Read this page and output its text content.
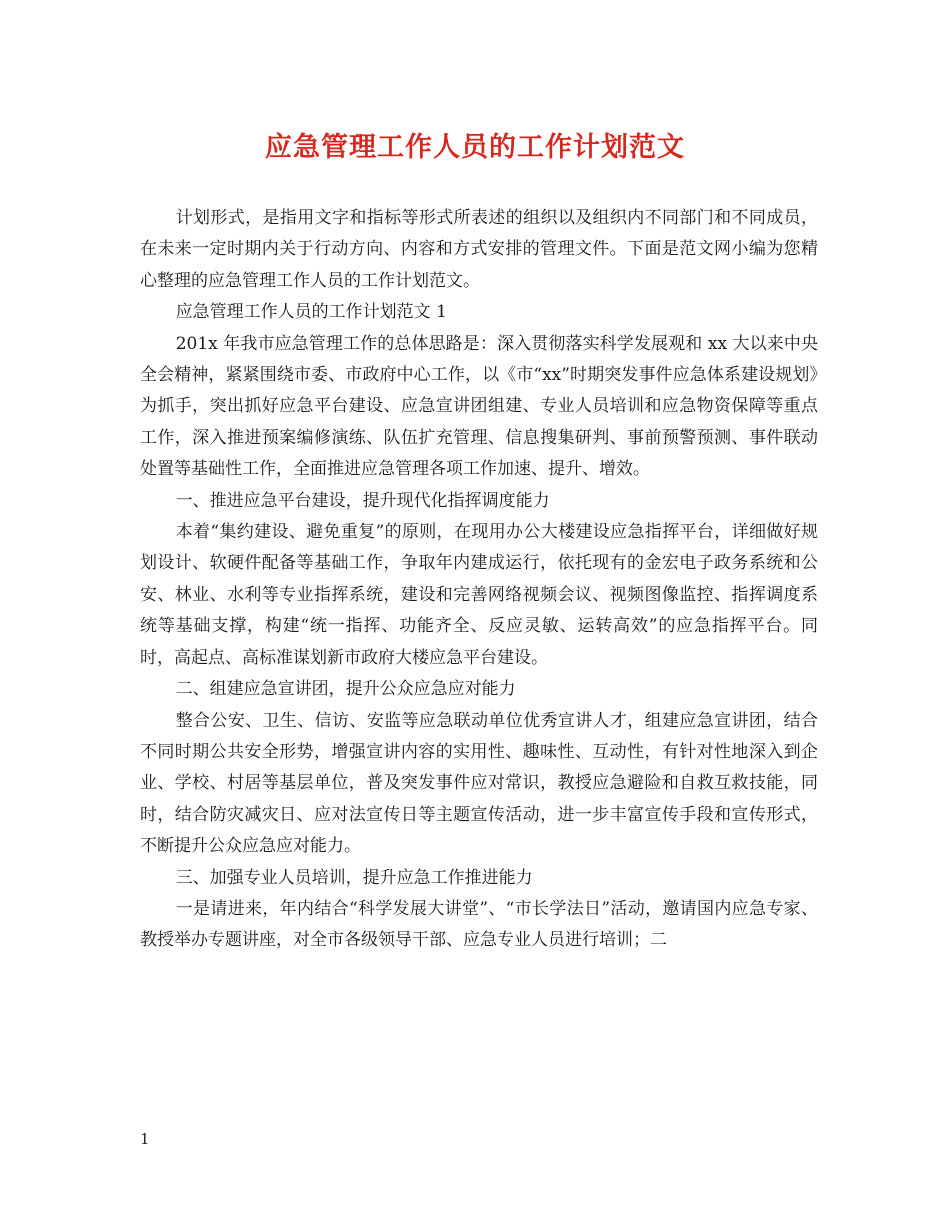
应急管理工作人员的工作计划范文

计划形式，是指用文字和指标等形式所表述的组织以及组织内不同部门和不同成员，在未来一定时期内关于行动方向、内容和方式安排的管理文件。下面是范文网小编为您精心整理的应急管理工作人员的工作计划范文。

应急管理工作人员的工作计划范文 1

201x 年我市应急管理工作的总体思路是：深入贯彻落实科学发展观和 xx 大以来中央全会精神，紧紧围绕市委、市政府中心工作，以《市“xx”时期突发事件应急体系建设规划》为抓手，突出抓好应急平台建设、应急宣讲团组建、专业人员培训和应急物资保障等重点工作，深入推进预案编修演练、队伍扩充管理、信息搜集研判、事前预警预测、事件联动处置等基础性工作，全面推进应急管理各项工作加速、提升、增效。

一、推进应急平台建设，提升现代化指挥调度能力

本着“集约建设、避免重复”的原则，在现用办公大楼建设应急指挥平台，详细做好规划设计、软硬件配备等基础工作，争取年内建成运行，依托现有的金宏电子政务系统和公安、林业、水利等专业指挥系统，建设和完善网络视频会议、视频图像监控、指挥调度系统等基础支撑，构建“统一指挥、功能齐全、反应灵敏、运转高效”的应急指挥平台。同时，高起点、高标准谋划新市政府大楼应急平台建设。

二、组建应急宣讲团，提升公众应急应对能力

整合公安、卫生、信访、安监等应急联动单位优秀宣讲人才，组建应急宣讲团，结合不同时期公共安全形势，增强宣讲内容的实用性、趣味性、互动性，有针对性地深入到企业、学校、村居等基层单位，普及突发事件应对常识，教授应急避险和自救互救技能，同时，结合防灾减灾日、应对法宣传日等主题宣传活动，进一步丰富宣传手段和宣传形式，不断提升公众应急应对能力。

三、加强专业人员培训，提升应急工作推进能力

一是请进来，年内结合“科学发展大讲堂”、“市长学法日”活动，邀请国内应急专家、教授举办专题讲座，对全市各级领导干部、应急专业人员进行培训；二

1
